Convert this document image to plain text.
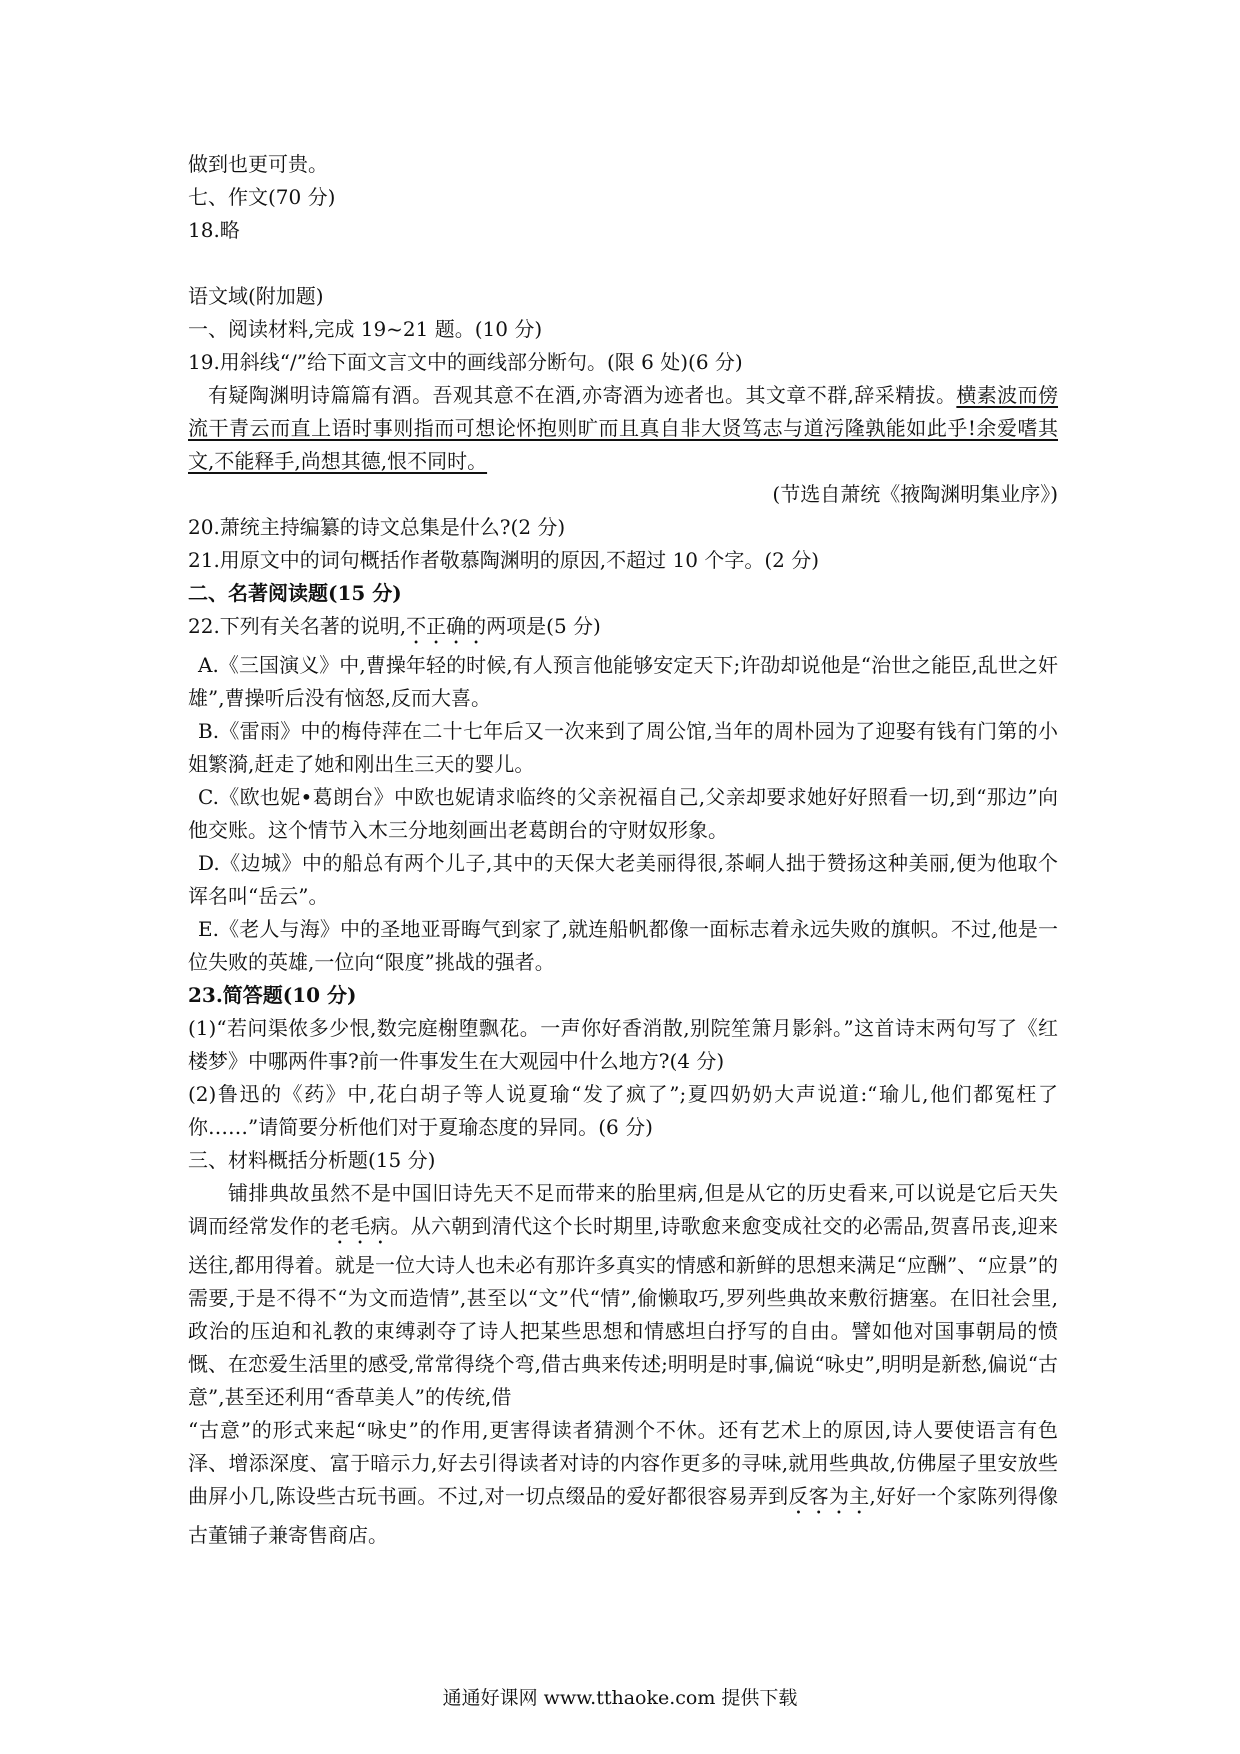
做到也更可贵。

七、作文(70 分)

18.略

语文域(附加题)

一、阅读材料,完成 19~21 题。(10 分)

19.用斜线“/”给下面文言文中的画线部分断句。(限 6 处)(6 分)

有疑陶渊明诗篇篇有酒。吾观其意不在酒,亦寄酒为迹者也。其文章不群,辞采精拔。横素波而傍流干青云而直上语时事则指而可想论怀抱则旷而且真自非大贤笃志与道污隆孰能如此乎!余爱嗜其文,不能释手,尚想其德,恨不同时。

(节选自萧统《掖陶渊明集业序》)

20.萧统主持编纂的诗文总集是什么?(2 分)

21.用原文中的词句概括作者敬慕陶渊明的原因,不超过 10 个字。(2 分)

二、名著阅读题(15 分)

22.下列有关名著的说明,不正确的两项是(5 分)

A.《三国演义》中,曹操年轻的时候,有人预言他能够安定天下;许劭却说他是“治世之能臣,乱世之奸雄”,曹操听后没有恼怒,反而大喜。

B.《雷雨》中的梅侍萍在二十七年后又一次来到了周公馆,当年的周朴园为了迎娶有钱有门第的小姐繁漪,赶走了她和刚出生三天的婴儿。

C.《欧也妮•葛朗台》中欧也妮请求临终的父亲祝福自己,父亲却要求她好好照看一切,到“那边”向他交账。这个情节入木三分地刻画出老葛朗台的守财奴形象。

D.《边城》中的船总有两个儿子,其中的天保大老美丽得很,茶峒人拙于赞扬这种美丽,便为他取个诨名叫“岳云”。

E.《老人与海》中的圣地亚哥晦气到家了,就连船帆都像一面标志着永远失败的旗帜。不过,他是一位失败的英雄,一位向“限度”挑战的强者。

23.简答题(10 分)

(1)“若问渠侬多少恨,数完庭榭堕飘花。一声你好香消散,别院笙箫月影斜。”这首诗末两句写了《红楼梦》中哪两件事?前一件事发生在大观园中什么地方?(4 分)

(2)鲁迅的《药》中,花白胡子等人说夏瑜“发了疯了”;夏四奶奶大声说道:“瑜儿,他们都冤枉了你……”请简要分析他们对于夏瑜态度的异同。(6 分)

三、材料概括分析题(15 分)

铺排典故虽然不是中国旧诗先天不足而带来的胎里病,但是从它的历史看来,可以说是它后天失调而经常发作的老毛病。从六朝到清代这个长时期里,诗歌愈来愈变成社交的必需品,贺喜吊丧,迎来送往,都用得着。就是一位大诗人也未必有那许多真实的情感和新鲜的思想来满足“应酬”、“应景”的需要,于是不得不“为文而造情”,甚至以“文”代“情”,偷懒取巧,罗列些典故来敷衍搪塞。在旧社会里,政治的压迫和礼教的束缚剥夺了诗人把某些思想和情感坦白抒写的自由。譬如他对国事朝局的愤慨、在恋爱生活里的感受,常常得绕个弯,借古典来传述;明明是时事,偏说“咏史”,明明是新愁,偏说“古意”,甚至还利用“香草美人”的传统,借

“古意”的形式来起“咏史”的作用,更害得读者猜测个不休。还有艺术上的原因,诗人要使语言有色泽、增添深度、富于暗示力,好去引得读者对诗的内容作更多的寻味,就用些典故,仿佛屋子里安放些曲屏小几,陈设些古玩书画。不过,对一切点缀品的爱好都很容易弄到反客为主,好好一个家陈列得像古董铺子兼寄售商店。

通通好课网 www.tthaoke.com 提供下载
